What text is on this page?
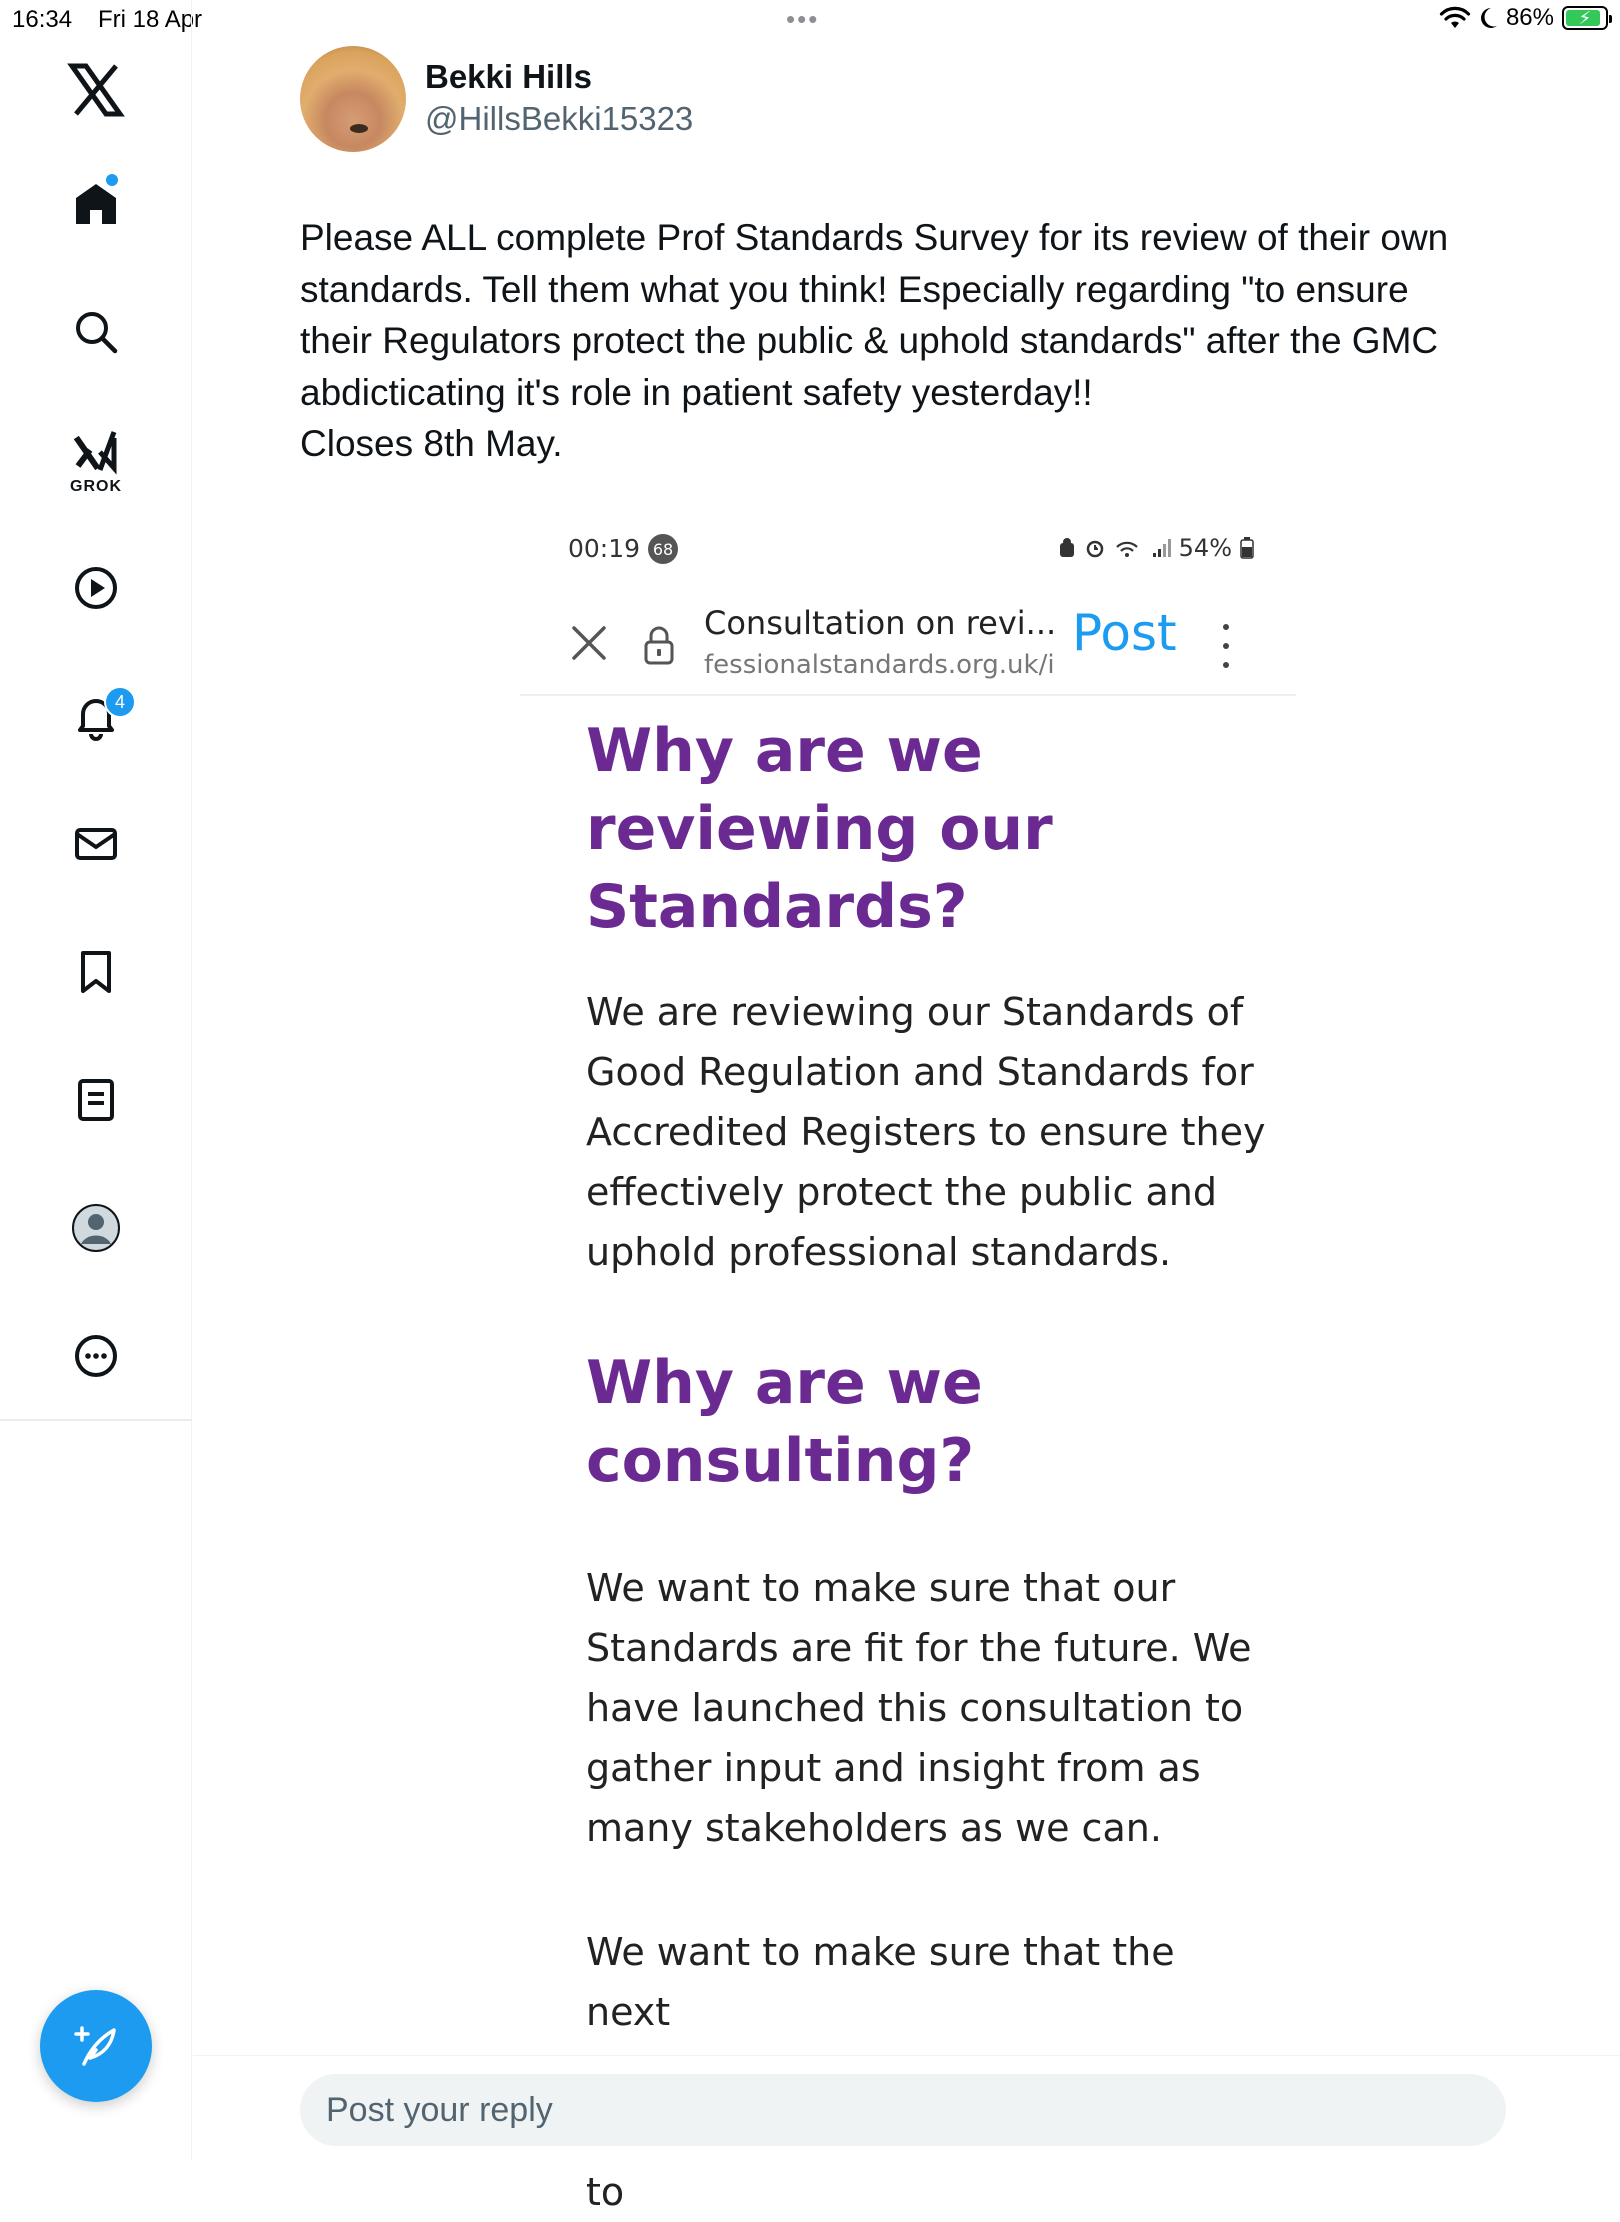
16:34 Fri 18 Apr	•••	86% ⚡
GROK
4
Bekki Hills
@HillsBekki15323
Please ALL complete Prof Standards Survey for its review of their own
standards. Tell them what you think! Especially regarding "to ensure
their Regulators protect the public & uphold standards" after the GMC
abdicticating it's role in patient safety yesterday!!
Closes 8th May.
00:19 68	54%
Consultation on revi...
fessionalstandards.org.uk/i
Post
Why are we
reviewing our
Standards?
We are reviewing our Standards of
Good Regulation and Standards for
Accredited Registers to ensure they
effectively protect the public and
uphold professional standards.
Why are we
consulting?
We want to make sure that our
Standards are fit for the future. We
have launched this consultation to
gather input and insight from as
many stakeholders as we can.
We want to make sure that the next
to
Post your reply
